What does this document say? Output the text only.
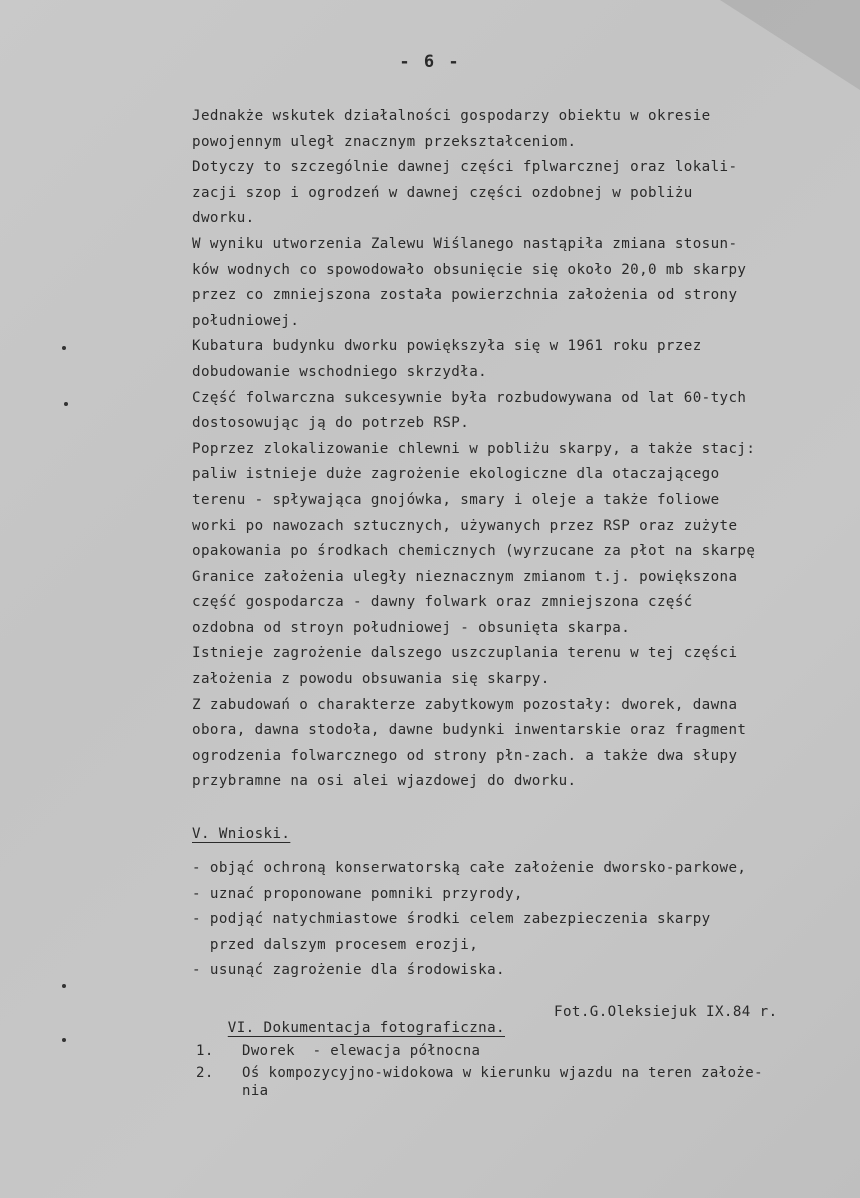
- 6 -
Jednakże wskutek działalności gospodarzy obiektu w okresie
powojennym uległ znacznym przekształceniom.
Dotyczy to szczególnie dawnej części fplwarcznej oraz lokali-
zacji szop i ogrodzeń w dawnej części ozdobnej w pobliżu
dworku.
W wyniku utworzenia Zalewu Wiślanego nastąpiła zmiana stosun-
ków wodnych co spowodowało obsunięcie się około 20,0 mb skarpy
przez co zmniejszona została powierzchnia założenia od strony
południowej.
Kubatura budynku dworku powiększyła się w 1961 roku przez
dobudowanie wschodniego skrzydła.
Część folwarczna sukcesywnie była rozbudowywana od lat 60-tych
dostosowując ją do potrzeb RSP.
Poprzez zlokalizowanie chlewni w pobliżu skarpy, a także stacj:
paliw istnieje duże zagrożenie ekologiczne dla otaczającego
terenu - spływająca gnojówka, smary i oleje a także foliowe
worki po nawozach sztucznych, używanych przez RSP oraz zużyte
opakowania po środkach chemicznych (wyrzucane za płot na skarpę
Granice założenia uległy nieznacznym zmianom t.j. powiększona
część gospodarcza - dawny folwark oraz zmniejszona część
ozdobna od stroyn południowej - obsunięta skarpa.
Istnieje zagrożenie dalszego uszczuplania terenu w tej części
założenia z powodu obsuwania się skarpy.
Z zabudowań o charakterze zabytkowym pozostały: dworek, dawna
obora, dawna stodoła, dawne budynki inwentarskie oraz fragment
ogrodzenia folwarcznego od strony płn-zach. a także dwa słupy
przybramne na osi alei wjazdowej do dworku.
V. Wnioski.
- objąć ochroną konserwatorską całe założenie dworsko-parkowe,
- uznać proponowane pomniki przyrody,
- podjąć natychmiastowe środki celem zabezpieczenia skarpy
przed dalszym procesem erozji,
- usunąć zagrożenie dla środowiska.

VI. Dokumentacja fotograficzna.

Fot.G.Oleksiejuk IX.84 r.

1. Dworek  - elewacja północna
2. Oś kompozycyjno-widokowa w kierunku wjazdu na teren założe-
nia
